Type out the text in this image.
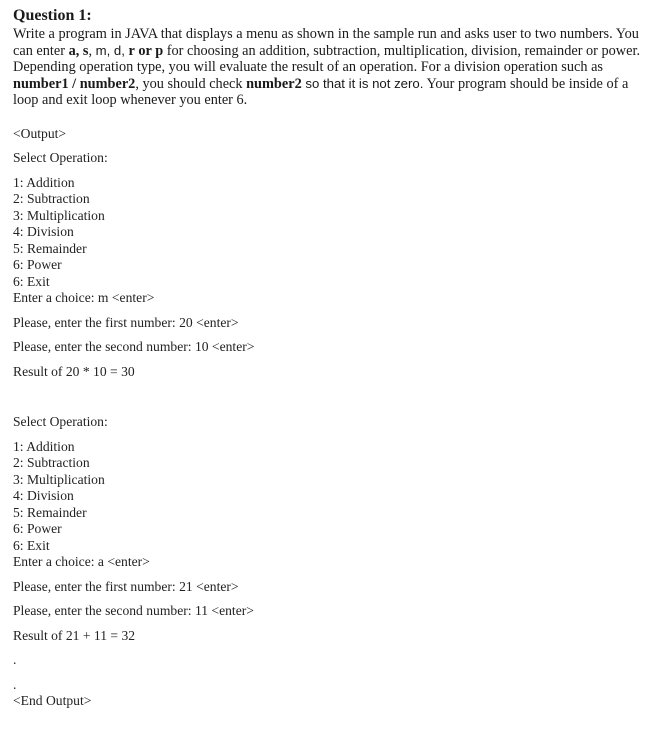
Question 1:

Write a program in JAVA that displays a menu as shown in the sample run and asks user to two numbers. You can enter a, s, m, d, r or p for choosing an addition, subtraction, multiplication, division, remainder or power. Depending operation type, you will evaluate the result of an operation. For a division operation such as number1 / number2, you should check number2 so that it is not zero. Your program should be inside of a loop and exit loop whenever you enter 6.

<Output>
Select Operation:
1: Addition
2: Subtraction
3: Multiplication
4: Division
5: Remainder
6: Power
6: Exit
Enter a choice: m <enter>
Please, enter the first number: 20 <enter>
Please, enter the second number: 10 <enter>
Result of 20 * 10 = 30
Select Operation:
1: Addition
2: Subtraction
3: Multiplication
4: Division
5: Remainder
6: Power
6: Exit
Enter a choice: a <enter>
Please, enter the first number: 21 <enter>
Please, enter the second number: 11 <enter>
Result of 21 + 11 = 32
.
.
<End Output>
